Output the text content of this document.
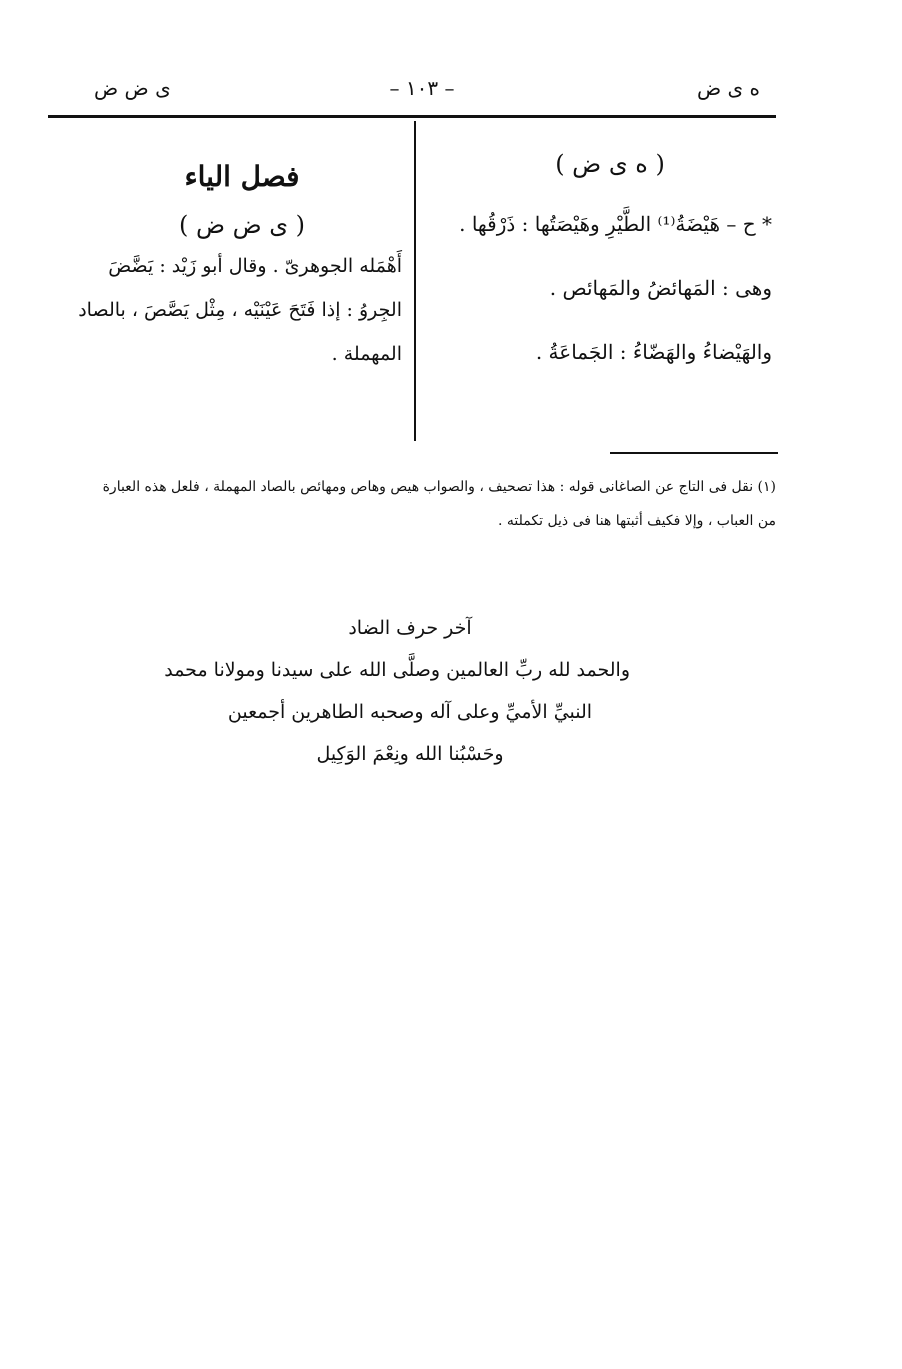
ه ى ض
– ١٠٣ –
ى ض ض

( ه ى ض )

* ح – هَيْضَةُ⁽¹⁾ الطَّيْرِ وهَيْصَتُها : ذَرْقُها .

وهى : المَهائضُ والمَهائص .

والهَيْضاءُ والهَضّاءُ : الجَماعَةُ .

فصل الياء

( ى ض ض )

أَهْمَله الجوهرىّ . وقال أبو زَيْد : يَضَّضَ

الجِروُ : إذا فَتَحَ عَيْنَيْه ، مِثْل يَصَّصَ ، بالصاد

المهملة .

(١) نقل فى التاج عن الصاغانى قوله : هذا تصحيف ، والصواب هيص وهاص ومهائص بالصاد المهملة ، فلعل هذه العبارة

من العباب ، وإلا فكيف أثبتها هنا فى ذيل تكملته .

آخر حرف الضاد

والحمد لله ربِّ العالمين وصلَّى الله على سيدنا ومولانا محمد

النبيِّ الأميِّ وعلى آله وصحبه الطاهرين أجمعين

وحَسْبُنا الله ونِعْمَ الوَكِيل
